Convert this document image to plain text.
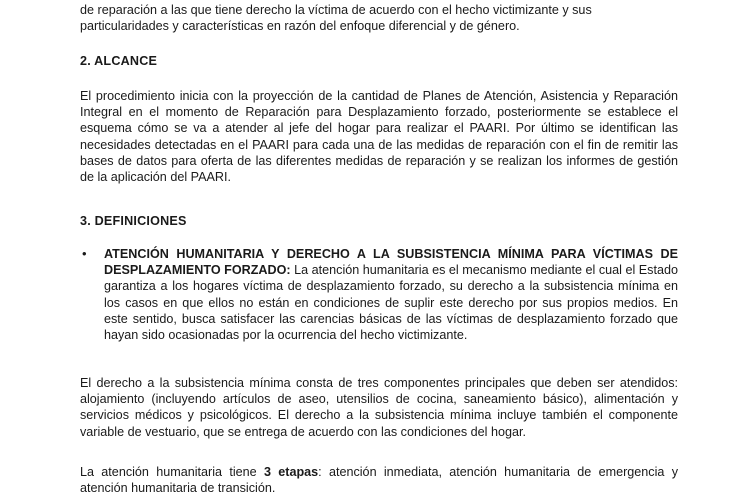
de reparación a las que tiene derecho la víctima de acuerdo con el hecho victimizante y sus

particularidades y características en razón del enfoque diferencial y de género.

2. ALCANCE

El procedimiento inicia con la proyección de la cantidad de Planes de Atención, Asistencia y Reparación Integral en el momento de Reparación para Desplazamiento forzado, posteriormente se establece el esquema cómo se va a atender al jefe del hogar para realizar el PAARI. Por último se identifican las necesidades detectadas en el PAARI para cada una de las medidas de reparación con el fin de remitir las bases de datos para oferta de las diferentes medidas de reparación y se realizan los informes de gestión de la aplicación del PAARI.

3. DEFINICIONES
• ATENCIÓN HUMANITARIA Y DERECHO A LA SUBSISTENCIA MÍNIMA PARA VÍCTIMAS DE DESPLAZAMIENTO FORZADO: La atención humanitaria es el mecanismo mediante el cual el Estado garantiza a los hogares víctima de desplazamiento forzado, su derecho a la subsistencia mínima en los casos en que ellos no están en condiciones de suplir este derecho por sus propios medios. En este sentido, busca satisfacer las carencias básicas de las víctimas de desplazamiento forzado que hayan sido ocasionadas por la ocurrencia del hecho victimizante.

El derecho a la subsistencia mínima consta de tres componentes principales que deben ser atendidos: alojamiento (incluyendo artículos de aseo, utensilios de cocina, saneamiento básico), alimentación y servicios médicos y psicológicos. El derecho a la subsistencia mínima incluye también el componente variable de vestuario, que se entrega de acuerdo con las condiciones del hogar.

La atención humanitaria tiene 3 etapas: atención inmediata, atención humanitaria de emergencia y atención humanitaria de transición.
